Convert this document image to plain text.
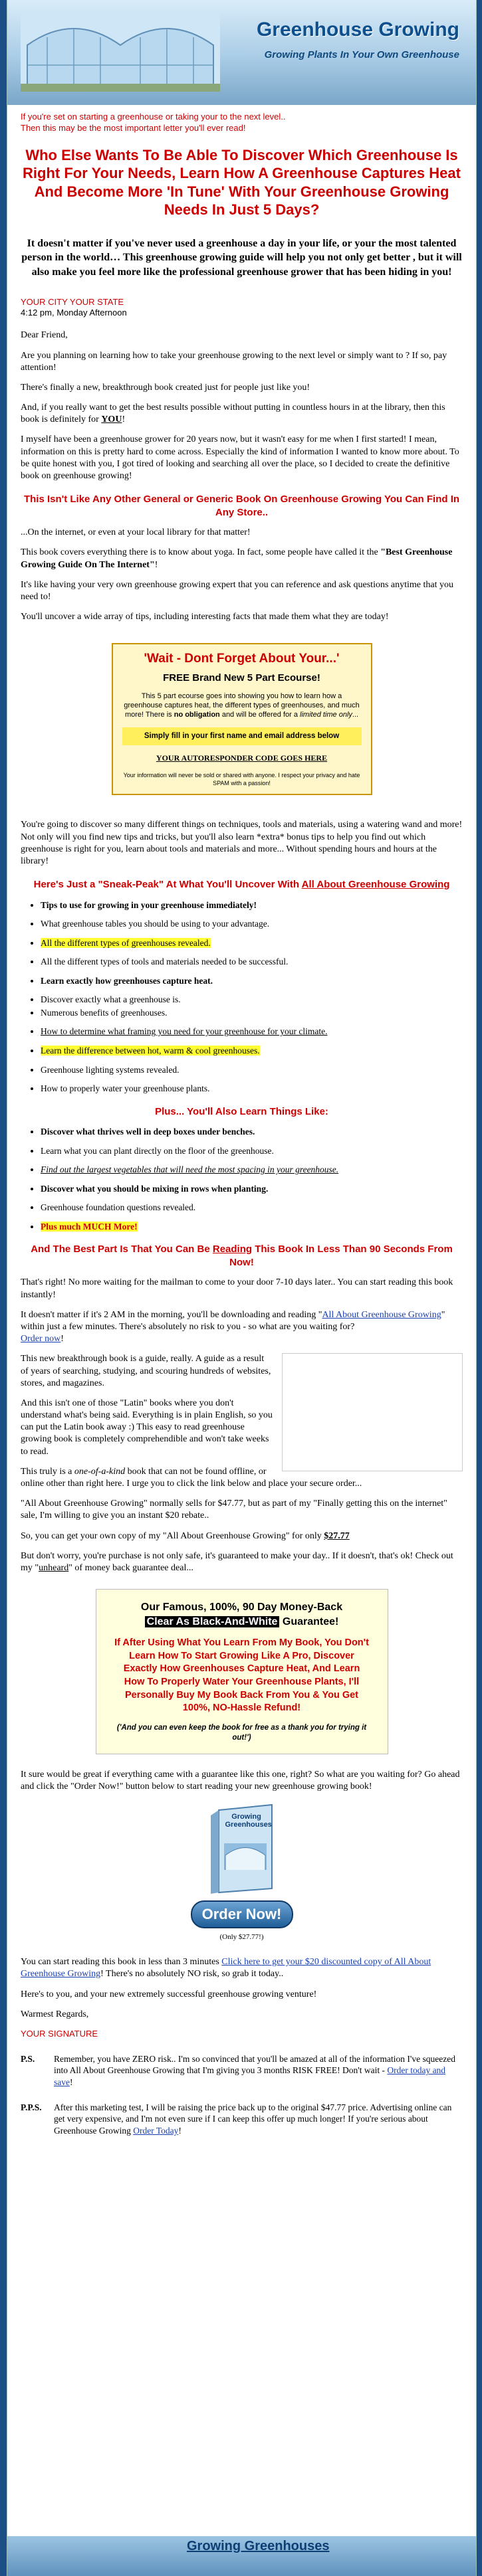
Greenhouse Growing
Growing Plants In Your Own Greenhouse
If you're set on starting a greenhouse or taking your to the next level..
Then this may be the most important letter you'll ever read!
Who Else Wants To Be Able To Discover Which Greenhouse Is Right For Your Needs, Learn How A Greenhouse Captures Heat And Become More 'In Tune' With Your Greenhouse Growing Needs In Just 5 Days?
It doesn't matter if you've never used a greenhouse a day in your life, or your the most talented person in the world… This greenhouse growing guide will help you not only get better , but it will also make you feel more like the professional greenhouse grower that has been hiding in you!
YOUR CITY YOUR STATE

4:12 pm, Monday Afternoon

Dear Friend,

Are you planning on learning how to take your greenhouse growing to the next level or simply want to ? If so, pay attention!

There's finally a new, breakthrough book created just for people just like you!

And, if you really want to get the best results possible without putting in countless hours in at the library, then this book is definitely for YOU!

I myself have been a greenhouse grower for 20 years now, but it wasn't easy for me when I first started! I mean, information on this is pretty hard to come across. Especially the kind of information I wanted to know more about. To be quite honest with you, I got tired of looking and searching all over the place, so I decided to create the definitive book on greenhouse growing!

This Isn't Like Any Other General or Generic Book On Greenhouse Growing You Can Find In Any Store..

...On the internet, or even at your local library for that matter!

This book covers everything there is to know about yoga. In fact, some people have called it the "Best Greenhouse Growing Guide On The Internet"!

It's like having your very own greenhouse growing expert that you can reference and ask questions anytime that you need to!

You'll uncover a wide array of tips, including interesting facts that made them what they are today!

'Wait - Dont Forget About Your...'
FREE Brand New 5 Part Ecourse!
This 5 part ecourse goes into showing you how to learn how a greenhouse captures heat, the different types of greenhouses, and much more! There is no obligation and will be offered for a limited time only...
Simply fill in your first name and email address below
YOUR AUTORESPONDER CODE GOES HERE
Your information will never be sold or shared with anyone. I respect your privacy and hate SPAM with a passion!

You're going to discover so many different things on techniques, tools and materials, using a watering wand and more! Not only will you find new tips and tricks, but you'll also learn *extra* bonus tips to help you find out which greenhouse is right for you, learn about tools and materials and more... Without spending hours and hours at the library!

Here's Just a "Sneak-Peak" At What You'll Uncover With All About Greenhouse Growing
• Tips to use for growing in your greenhouse immediately!
• What greenhouse tables you should be using to your advantage.
• All the different types of greenhouses revealed.
• All the different types of tools and materials needed to be successful.
• Learn exactly how greenhouses capture heat.
• Discover exactly what a greenhouse is.
• Numerous benefits of greenhouses.
• How to determine what framing you need for your greenhouse for your climate.
• Learn the difference between hot, warm & cool greenhouses.
• Greenhouse lighting systems revealed.
• How to properly water your greenhouse plants.
Plus... You'll Also Learn Things Like:
• Discover what thrives well in deep boxes under benches.
• Learn what you can plant directly on the floor of the greenhouse.
• Find out the largest vegetables that will need the most spacing in your greenhouse.
• Discover what you should be mixing in rows when planting.
• Greenhouse foundation questions revealed.
• Plus much MUCH More!
And The Best Part Is That You Can Be Reading This Book In Less Than 90 Seconds From Now!

That's right! No more waiting for the mailman to come to your door 7-10 days later.. You can start reading this book instantly!

It doesn't matter if it's 2 AM in the morning, you'll be downloading and reading "All About Greenhouse Growing" within just a few minutes. There's absolutely no risk to you - so what are you waiting for?
Order now!

This new breakthrough book is a guide, really. A guide as a result of years of searching, studying, and scouring hundreds of websites, stores, and magazines.

And this isn't one of those "Latin" books where you don't understand what's being said. Everything is in plain English, so you can put the Latin book away :) This easy to read greenhouse growing book is completely comprehendible and won't take weeks to read.

This truly is a one-of-a-kind book that can not be found offline, or online other than right here. I urge you to click the link below and place your secure order...

"All About Greenhouse Growing" normally sells for $47.77, but as part of my "Finally getting this on the internet" sale, I'm willing to give you an instant $20 rebate..

So, you can get your own copy of my "All About Greenhouse Growing" for only $27.77

But don't worry, you're purchase is not only safe, it's guaranteed to make your day.. If it doesn't, that's ok! Check out my "unheard" of money back guarantee deal...

Our Famous, 100%, 90 Day Money-Back
Clear As Black-And-White Guarantee!
If After Using What You Learn From My Book, You Don't Learn How To Start Growing Like A Pro, Discover Exactly How Greenhouses Capture Heat, And Learn How To Properly Water Your Greenhouse Plants, I'll Personally Buy My Book Back From You & You Get 100%, NO-Hassle Refund!
('And you can even keep the book for free as a thank you for trying it out!')

It sure would be great if everything came with a guarantee like this one, right? So what are you waiting for? Go ahead and click the "Order Now!" button below to start reading your new greenhouse growing book!

Growing Greenhouses
Order Now!
(Only $27.77!)

You can start reading this book in less than 3 minutes Click here to get your $20 discounted copy of All About Greenhouse Growing! There's no absolutely NO risk, so grab it today..

Here's to you, and your new extremely successful greenhouse growing venture!

Warmest Regards,

YOUR SIGNATURE
P.S.	Remember, you have ZERO risk.. I'm so convinced that you'll be amazed at all of the information I've squeezed into All About Greenhouse Growing that I'm giving you 3 months RISK FREE! Don't wait - Order today and save!
P.P.S.	After this marketing test, I will be raising the price back up to the original $47.77 price. Advertising online can get very expensive, and I'm not even sure if I can keep this offer up much longer! If you're serious about Greenhouse Growing Order Today!
Growing Greenhouses
